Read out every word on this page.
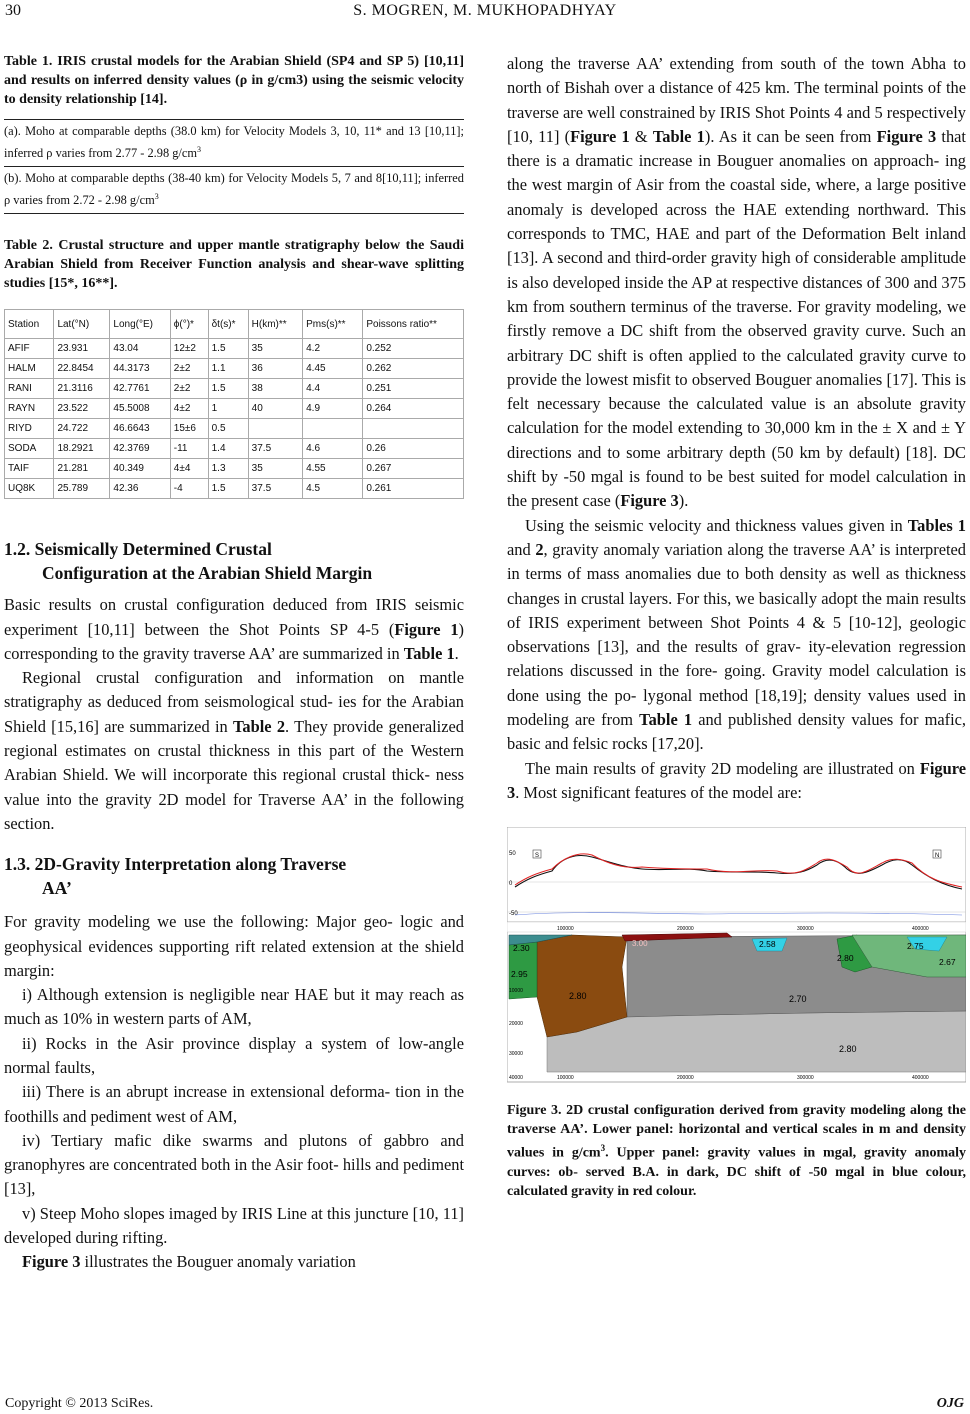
30	S. MOGREN, M. MUKHOPADHYAY

Table 1. IRIS crustal models for the Arabian Shield (SP4 and SP 5) [10,11] and results on inferred density values (ρ in g/cm3) using the seismic velocity to density relationship [14].

(a). Moho at comparable depths (38.0 km) for Velocity Models 3, 10, 11* and 13 [10,11]; inferred ρ varies from 2.77 - 2.98 $g/cm^3$

(b). Moho at comparable depths (38-40 km) for Velocity Models 5, 7 and 8[10,11]; inferred ρ varies from 2.72 - 2.98 $g/cm^3$

Table 2. Crustal structure and upper mantle stratigraphy below the Saudi Arabian Shield from Receiver Function analysis and shear-wave splitting studies [15*, 16**].

Station	Lat(°N)	Long(°E)	ϕ(°)*	δt(s)*	H(km)**	Pms(s)**	Poissons ratio**
AFIF	23.931	43.04	12±2	1.5	35	4.2	0.252
HALM	22.8454	44.3173	2±2	1.1	36	4.45	0.262
RANI	21.3116	42.7761	2±2	1.5	38	4.4	0.251
RAYN	23.522	45.5008	4±2	1	40	4.9	0.264
RIYD	24.722	46.6643	15±6	0.5			
SODA	18.2921	42.3769	-11	1.4	37.5	4.6	0.26
TAIF	21.281	40.349	4±4	1.3	35	4.55	0.267
UQ8K	25.789	42.36	-4	1.5	37.5	4.5	0.261
1.2. Seismically Determined Crustal
Configuration at the Arabian Shield Margin

Basic results on crustal configuration deduced from IRIS seismic experiment [10,11] between the Shot Points SP 4-5 (Figure 1) corresponding to the gravity traverse AA’ are summarized in Table 1.

Regional crustal configuration and information on mantle stratigraphy as deduced from seismological stud- ies for the Arabian Shield [15,16] are summarized in Table 2. They provide generalized regional estimates on crustal thickness in this part of the Western Arabian Shield. We will incorporate this regional crustal thick- ness value into the gravity 2D model for Traverse AA’ in the following section.

1.3. 2D-Gravity Interpretation along Traverse
AA’

For gravity modeling we use the following: Major geo- logic and geophysical evidences supporting rift related extension at the shield margin:

i) Although extension is negligible near HAE but it may reach as much as 10% in western parts of AM,

ii) Rocks in the Asir province display a system of low-angle normal faults,

iii) There is an abrupt increase in extensional deforma- tion in the foothills and pediment west of AM,

iv) Tertiary mafic dike swarms and plutons of gabbro and granophyres are concentrated both in the Asir foot- hills and pediment [13],

v) Steep Moho slopes imaged by IRIS Line at this juncture [10, 11] developed during rifting.

Figure 3 illustrates the Bouguer anomaly variation

along the traverse AA’ extending from south of the town Abha to north of Bishah over a distance of 425 km. The terminal points of the traverse are well constrained by IRIS Shot Points 4 and 5 respectively [10, 11] (Figure 1 & Table 1). As it can be seen from Figure 3 that there is a dramatic increase in Bouguer anomalies on approach- ing the west margin of Asir from the coastal side, where, a large positive anomaly is developed across the HAE extending northward. This corresponds to TMC, HAE and part of the Deformation Belt inland [13]. A second and third-order gravity high of considerable amplitude is also developed inside the AP at respective distances of 300 and 375 km from southern terminus of the traverse. For gravity modeling, we firstly remove a DC shift from the observed gravity curve. Such an arbitrary DC shift is often applied to the calculated gravity curve to provide the lowest misfit to observed Bouguer anomalies [17]. This is felt necessary because the calculated value is an absolute gravity calculation for the model extending to 30,000 km in the ± X and ± Y directions and to some arbitrary depth (50 km by default) [18]. DC shift by -50 mgal is found to be best suited for model calculation in the present case (Figure 3).

Using the seismic velocity and thickness values given in Tables 1 and 2, gravity anomaly variation along the traverse AA’ is interpreted in terms of mass anomalies due to both density as well as thickness changes in crustal layers. For this, we basically adopt the main results of IRIS experiment between Shot Points 4 & 5 [10-12], geologic observations [13], and the results of grav- ity-elevation regression relations discussed in the fore- going. Gravity model calculation is done using the po- lygonal method [18,19]; density values used in modeling are from Table 1 and published density values for mafic, basic and felsic rocks [17,20].

The main results of gravity 2D modeling are illustrated on Figure 3. Most significant features of the model are:

50
0
-50
S	N
100000	200000	300000	400000
2.30
2.95
3.00
2.80
2.58
2.70
2.80
2.75
2.67
2.80
10000
20000
30000
40000	100000	200000	300000	400000

Figure 3. 2D crustal configuration derived from gravity modeling along the traverse AA’. Lower panel: horizontal and vertical scales in m and density values in $g/cm^3$. Upper panel: gravity values in mgal, gravity anomaly curves: ob- served B.A. in dark, DC shift of -50 mgal in blue colour, calculated gravity in red colour.

Copyright © 2013 SciRes.	OJG
